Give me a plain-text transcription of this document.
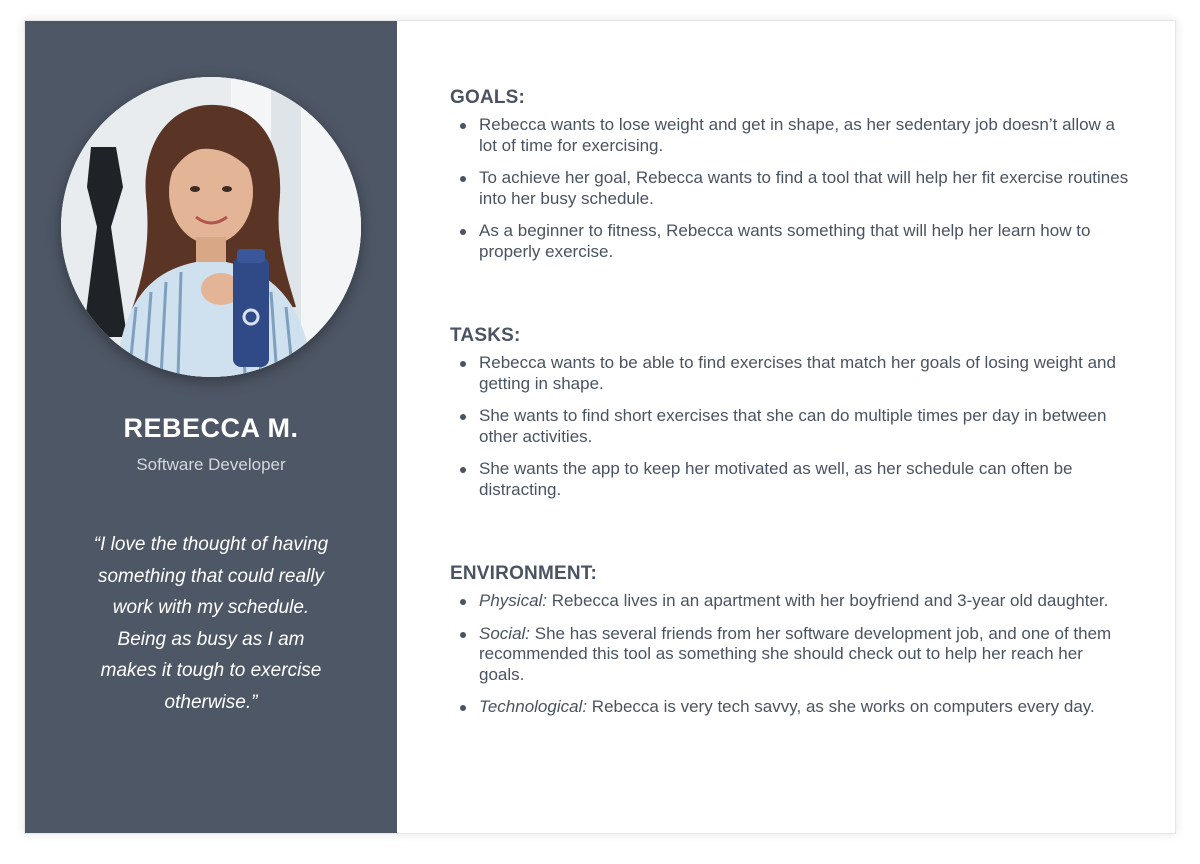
REBECCA M.
Software Developer
“I love the thought of having something that could really work with my schedule. Being as busy as I am makes it tough to exercise otherwise.”
GOALS:
Rebecca wants to lose weight and get in shape, as her sedentary job doesn’t allow a lot of time for exercising.
To achieve her goal, Rebecca wants to find a tool that will help her fit exercise routines into her busy schedule.
As a beginner to fitness, Rebecca wants something that will help her learn how to properly exercise.
TASKS:
Rebecca wants to be able to find exercises that match her goals of losing weight and getting in shape.
She wants to find short exercises that she can do multiple times per day in between other activities.
She wants the app to keep her motivated as well, as her schedule can often be distracting.
ENVIRONMENT:
Physical: Rebecca lives in an apartment with her boyfriend and 3-year old daughter.
Social: She has several friends from her software development job, and one of them recommended this tool as something she should check out to help her reach her goals.
Technological: Rebecca is very tech savvy, as she works on computers every day.
